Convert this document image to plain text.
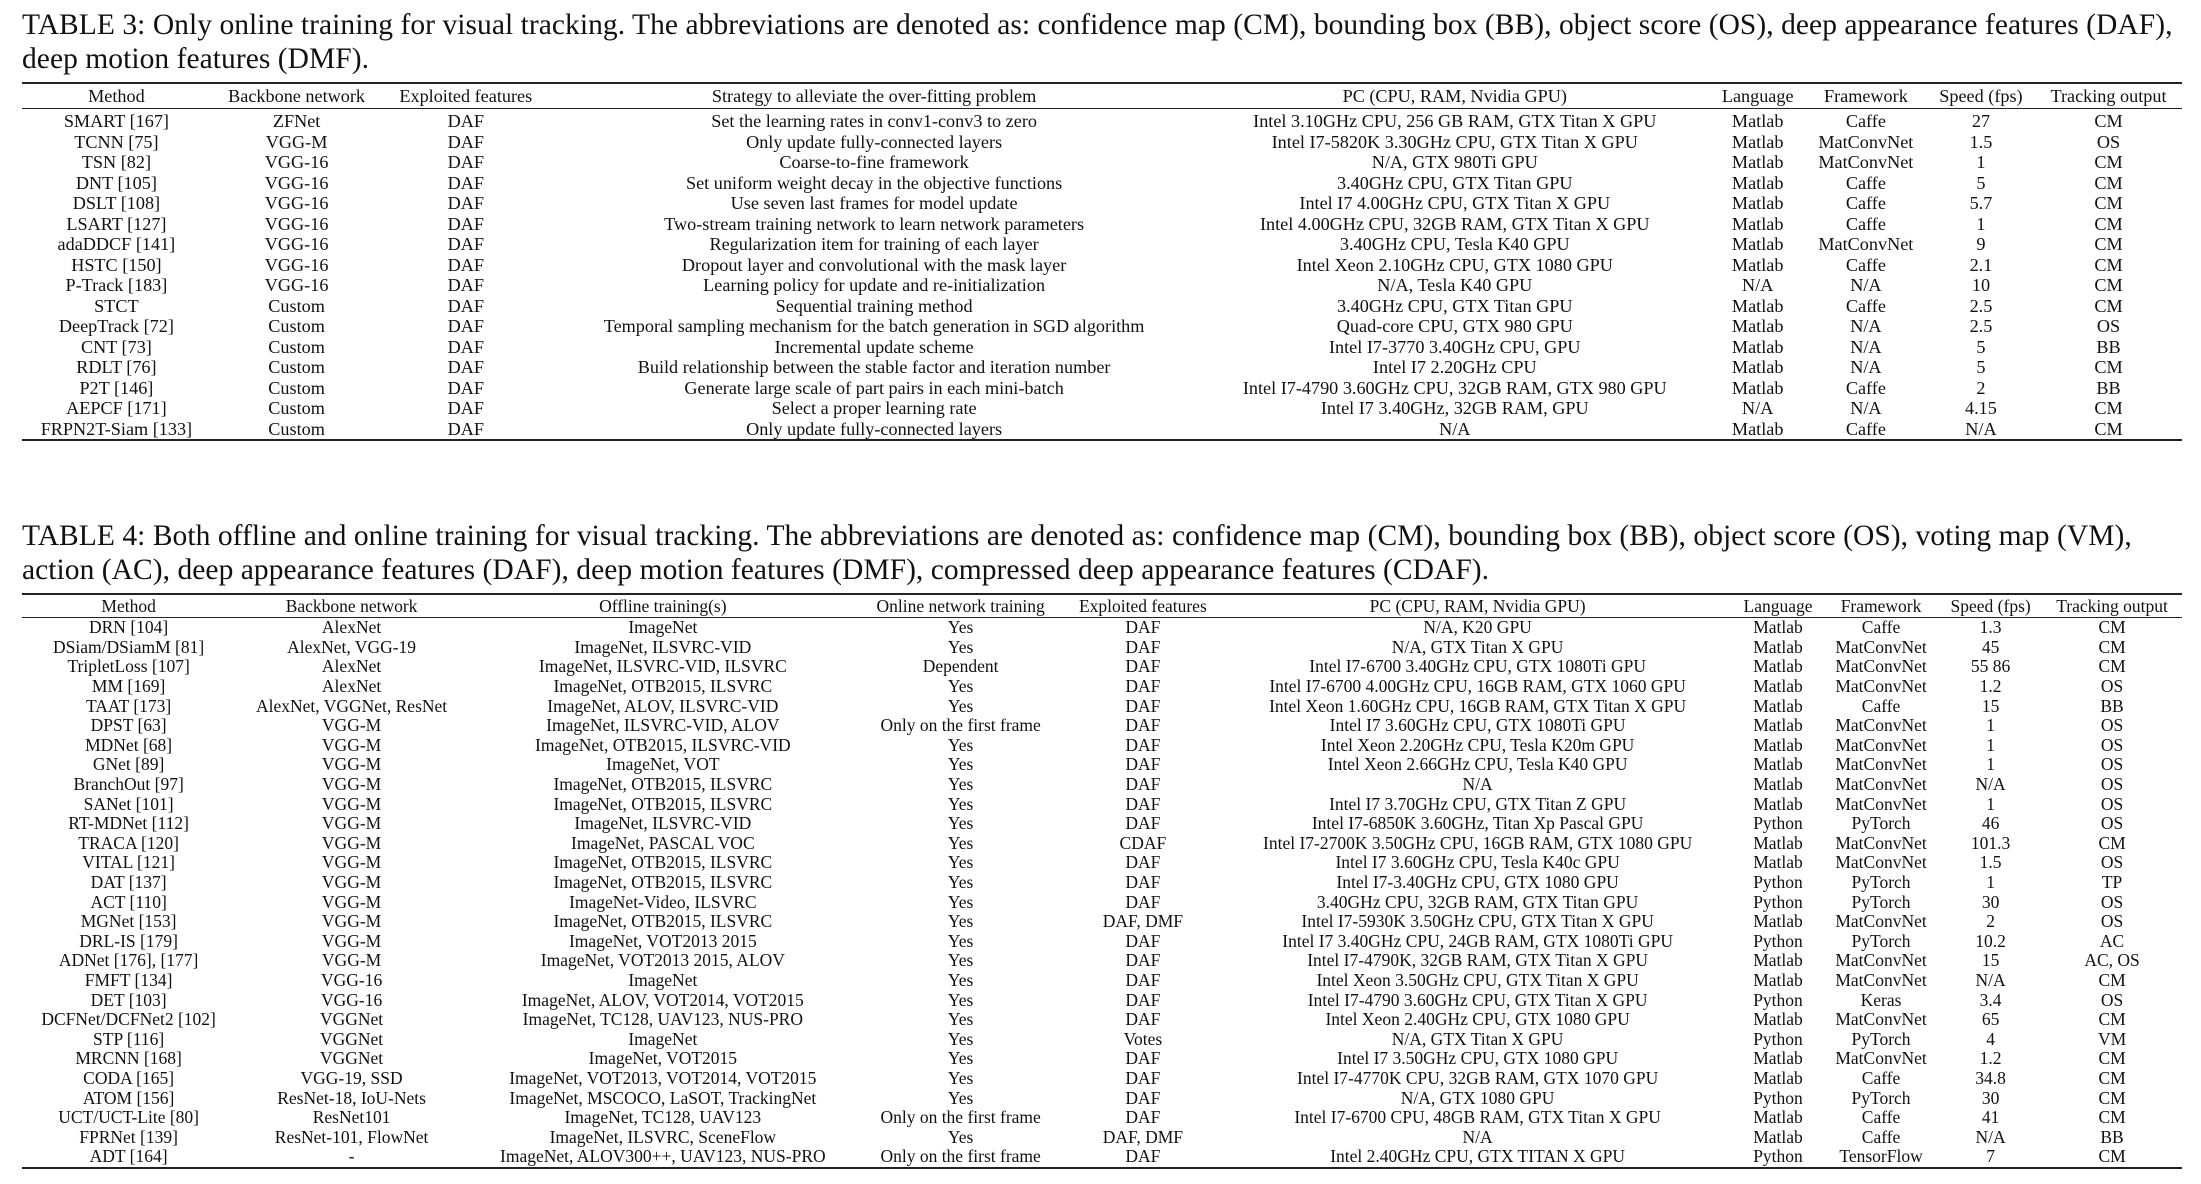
TABLE 3: Only online training for visual tracking. The abbreviations are denoted as: confidence map (CM), bounding box (BB), object score (OS), deep appearance features (DAF), deep motion features (DMF).

Method	Backbone network	Exploited features	Strategy to alleviate the over-fitting problem	PC (CPU, RAM, Nvidia GPU)	Language	Framework	Speed (fps)	Tracking output
SMART [167]	ZFNet	DAF	Set the learning rates in conv1-conv3 to zero	Intel 3.10GHz CPU, 256 GB RAM, GTX Titan X GPU	Matlab	Caffe	27	CM
TCNN [75]	VGG-M	DAF	Only update fully-connected layers	Intel I7-5820K 3.30GHz CPU, GTX Titan X GPU	Matlab	MatConvNet	1.5	OS
TSN [82]	VGG-16	DAF	Coarse-to-fine framework	N/A, GTX 980Ti GPU	Matlab	MatConvNet	1	CM
DNT [105]	VGG-16	DAF	Set uniform weight decay in the objective functions	3.40GHz CPU, GTX Titan GPU	Matlab	Caffe	5	CM
DSLT [108]	VGG-16	DAF	Use seven last frames for model update	Intel I7 4.00GHz CPU, GTX Titan X GPU	Matlab	Caffe	5.7	CM
LSART [127]	VGG-16	DAF	Two-stream training network to learn network parameters	Intel 4.00GHz CPU, 32GB RAM, GTX Titan X GPU	Matlab	Caffe	1	CM
adaDDCF [141]	VGG-16	DAF	Regularization item for training of each layer	3.40GHz CPU, Tesla K40 GPU	Matlab	MatConvNet	9	CM
HSTC [150]	VGG-16	DAF	Dropout layer and convolutional with the mask layer	Intel Xeon 2.10GHz CPU, GTX 1080 GPU	Matlab	Caffe	2.1	CM
P-Track [183]	VGG-16	DAF	Learning policy for update and re-initialization	N/A, Tesla K40 GPU	N/A	N/A	10	CM
STCT	Custom	DAF	Sequential training method	3.40GHz CPU, GTX Titan GPU	Matlab	Caffe	2.5	CM
DeepTrack [72]	Custom	DAF	Temporal sampling mechanism for the batch generation in SGD algorithm	Quad-core CPU, GTX 980 GPU	Matlab	N/A	2.5	OS
CNT [73]	Custom	DAF	Incremental update scheme	Intel I7-3770 3.40GHz CPU, GPU	Matlab	N/A	5	BB
RDLT [76]	Custom	DAF	Build relationship between the stable factor and iteration number	Intel I7 2.20GHz CPU	Matlab	N/A	5	CM
P2T [146]	Custom	DAF	Generate large scale of part pairs in each mini-batch	Intel I7-4790 3.60GHz CPU, 32GB RAM, GTX 980 GPU	Matlab	Caffe	2	BB
AEPCF [171]	Custom	DAF	Select a proper learning rate	Intel I7 3.40GHz, 32GB RAM, GPU	N/A	N/A	4.15	CM
FRPN2T-Siam [133]	Custom	DAF	Only update fully-connected layers	N/A	Matlab	Caffe	N/A	CM

TABLE 4: Both offline and online training for visual tracking. The abbreviations are denoted as: confidence map (CM), bounding box (BB), object score (OS), voting map (VM), action (AC), deep appearance features (DAF), deep motion features (DMF), compressed deep appearance features (CDAF).

Method	Backbone network	Offline training(s)	Online network training	Exploited features	PC (CPU, RAM, Nvidia GPU)	Language	Framework	Speed (fps)	Tracking output
DRN [104]	AlexNet	ImageNet	Yes	DAF	N/A, K20 GPU	Matlab	Caffe	1.3	CM
DSiam/DSiamM [81]	AlexNet, VGG-19	ImageNet, ILSVRC-VID	Yes	DAF	N/A, GTX Titan X GPU	Matlab	MatConvNet	45	CM
TripletLoss [107]	AlexNet	ImageNet, ILSVRC-VID, ILSVRC	Dependent	DAF	Intel I7-6700 3.40GHz CPU, GTX 1080Ti GPU	Matlab	MatConvNet	55 86	CM
MM [169]	AlexNet	ImageNet, OTB2015, ILSVRC	Yes	DAF	Intel I7-6700 4.00GHz CPU, 16GB RAM, GTX 1060 GPU	Matlab	MatConvNet	1.2	OS
TAAT [173]	AlexNet, VGGNet, ResNet	ImageNet, ALOV, ILSVRC-VID	Yes	DAF	Intel Xeon 1.60GHz CPU, 16GB RAM, GTX Titan X GPU	Matlab	Caffe	15	BB
DPST [63]	VGG-M	ImageNet, ILSVRC-VID, ALOV	Only on the first frame	DAF	Intel I7 3.60GHz CPU, GTX 1080Ti GPU	Matlab	MatConvNet	1	OS
MDNet [68]	VGG-M	ImageNet, OTB2015, ILSVRC-VID	Yes	DAF	Intel Xeon 2.20GHz CPU, Tesla K20m GPU	Matlab	MatConvNet	1	OS
GNet [89]	VGG-M	ImageNet, VOT	Yes	DAF	Intel Xeon 2.66GHz CPU, Tesla K40 GPU	Matlab	MatConvNet	1	OS
BranchOut [97]	VGG-M	ImageNet, OTB2015, ILSVRC	Yes	DAF	N/A	Matlab	MatConvNet	N/A	OS
SANet [101]	VGG-M	ImageNet, OTB2015, ILSVRC	Yes	DAF	Intel I7 3.70GHz CPU, GTX Titan Z GPU	Matlab	MatConvNet	1	OS
RT-MDNet [112]	VGG-M	ImageNet, ILSVRC-VID	Yes	DAF	Intel I7-6850K 3.60GHz, Titan Xp Pascal GPU	Python	PyTorch	46	OS
TRACA [120]	VGG-M	ImageNet, PASCAL VOC	Yes	CDAF	Intel I7-2700K 3.50GHz CPU, 16GB RAM, GTX 1080 GPU	Matlab	MatConvNet	101.3	CM
VITAL [121]	VGG-M	ImageNet, OTB2015, ILSVRC	Yes	DAF	Intel I7 3.60GHz CPU, Tesla K40c GPU	Matlab	MatConvNet	1.5	OS
DAT [137]	VGG-M	ImageNet, OTB2015, ILSVRC	Yes	DAF	Intel I7-3.40GHz CPU, GTX 1080 GPU	Python	PyTorch	1	TP
ACT [110]	VGG-M	ImageNet-Video, ILSVRC	Yes	DAF	3.40GHz CPU, 32GB RAM, GTX Titan GPU	Python	PyTorch	30	OS
MGNet [153]	VGG-M	ImageNet, OTB2015, ILSVRC	Yes	DAF, DMF	Intel I7-5930K 3.50GHz CPU, GTX Titan X GPU	Matlab	MatConvNet	2	OS
DRL-IS [179]	VGG-M	ImageNet, VOT2013 2015	Yes	DAF	Intel I7 3.40GHz CPU, 24GB RAM, GTX 1080Ti GPU	Python	PyTorch	10.2	AC
ADNet [176], [177]	VGG-M	ImageNet, VOT2013 2015, ALOV	Yes	DAF	Intel I7-4790K, 32GB RAM, GTX Titan X GPU	Matlab	MatConvNet	15	AC, OS
FMFT [134]	VGG-16	ImageNet	Yes	DAF	Intel Xeon 3.50GHz CPU, GTX Titan X GPU	Matlab	MatConvNet	N/A	CM
DET [103]	VGG-16	ImageNet, ALOV, VOT2014, VOT2015	Yes	DAF	Intel I7-4790 3.60GHz CPU, GTX Titan X GPU	Python	Keras	3.4	OS
DCFNet/DCFNet2 [102]	VGGNet	ImageNet, TC128, UAV123, NUS-PRO	Yes	DAF	Intel Xeon 2.40GHz CPU, GTX 1080 GPU	Matlab	MatConvNet	65	CM
STP [116]	VGGNet	ImageNet	Yes	Votes	N/A, GTX Titan X GPU	Python	PyTorch	4	VM
MRCNN [168]	VGGNet	ImageNet, VOT2015	Yes	DAF	Intel I7 3.50GHz CPU, GTX 1080 GPU	Matlab	MatConvNet	1.2	CM
CODA [165]	VGG-19, SSD	ImageNet, VOT2013, VOT2014, VOT2015	Yes	DAF	Intel I7-4770K CPU, 32GB RAM, GTX 1070 GPU	Matlab	Caffe	34.8	CM
ATOM [156]	ResNet-18, IoU-Nets	ImageNet, MSCOCO, LaSOT, TrackingNet	Yes	DAF	N/A, GTX 1080 GPU	Python	PyTorch	30	CM
UCT/UCT-Lite [80]	ResNet101	ImageNet, TC128, UAV123	Only on the first frame	DAF	Intel I7-6700 CPU, 48GB RAM, GTX Titan X GPU	Matlab	Caffe	41	CM
FPRNet [139]	ResNet-101, FlowNet	ImageNet, ILSVRC, SceneFlow	Yes	DAF, DMF	N/A	Matlab	Caffe	N/A	BB
ADT [164]	-	ImageNet, ALOV300++, UAV123, NUS-PRO	Only on the first frame	DAF	Intel 2.40GHz CPU, GTX TITAN X GPU	Python	TensorFlow	7	CM
